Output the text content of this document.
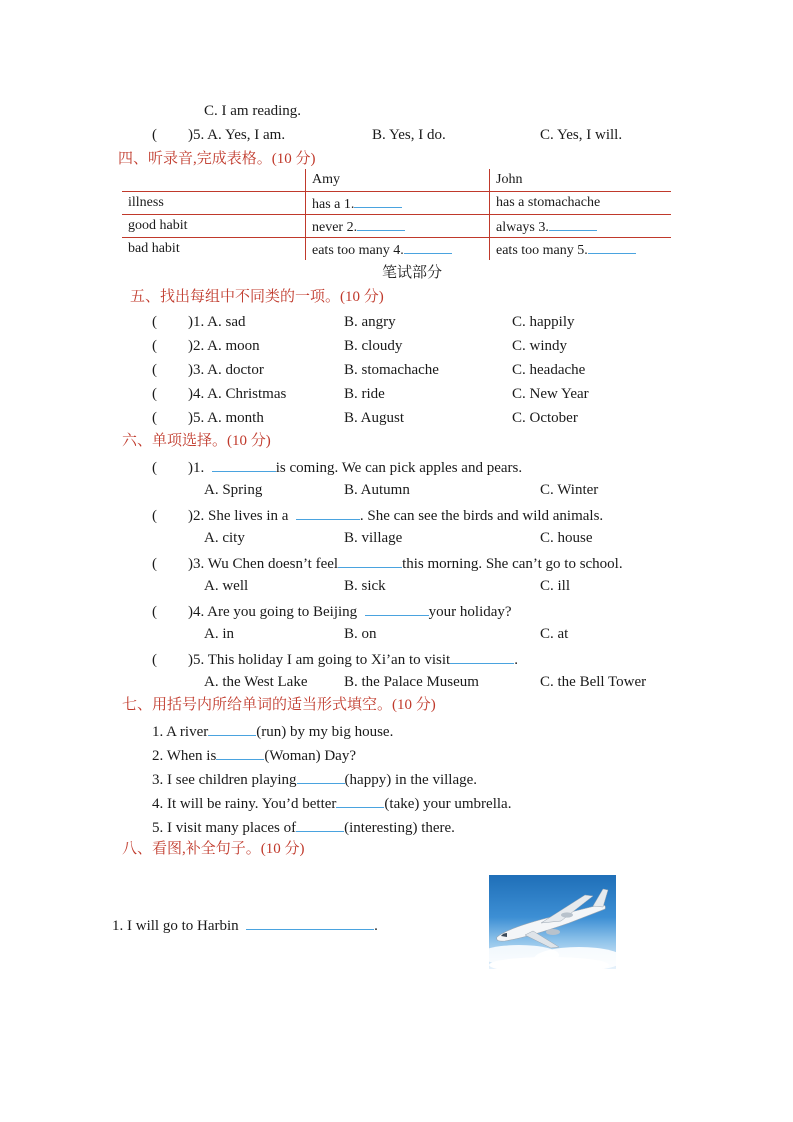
C. I am reading.
( )5. A. Yes, I am.	B. Yes, I do.	C. Yes, I will.
四、听录音,完成表格。(10 分)
	Amy	John
illness	has a 1.	has a stomachache
good habit	never 2.	always 3.
bad habit	eats too many 4.	eats too many 5.
笔试部分
五、找出每组中不同类的一项。(10 分)
( )1. A. sad	B. angry	C. happily
( )2. A. moon	B. cloudy	C. windy
( )3. A. doctor	B. stomachache	C. headache
( )4. A. Christmas	B. ride	C. New Year
( )5. A. month	B. August	C. October
六、单项选择。(10 分)
( )1.	is coming. We can pick apples and pears.
A. Spring	B. Autumn	C. Winter
( )2. She lives in a	. She can see the birds and wild animals.
A. city	B. village	C. house
( )3. Wu Chen doesn’t feel	this morning. She can’t go to school.
A. well	B. sick	C. ill
( )4. Are you going to Beijing	your holiday?
A. in	B. on	C. at
( )5. This holiday I am going to Xi’an to visit	.
A. the West Lake B. the Palace Museum	C. the Bell Tower
七、用括号内所给单词的适当形式填空。(10 分)
1. A river	(run) by my big house.
2. When is	(Woman) Day?
3. I see children playing	(happy) in the village.
4. It will be rainy. You’d better	(take) your umbrella.
5. I visit many places of	(interesting) there.
八、看图,补全句子。(10 分)
1. I will go to Harbin	.
